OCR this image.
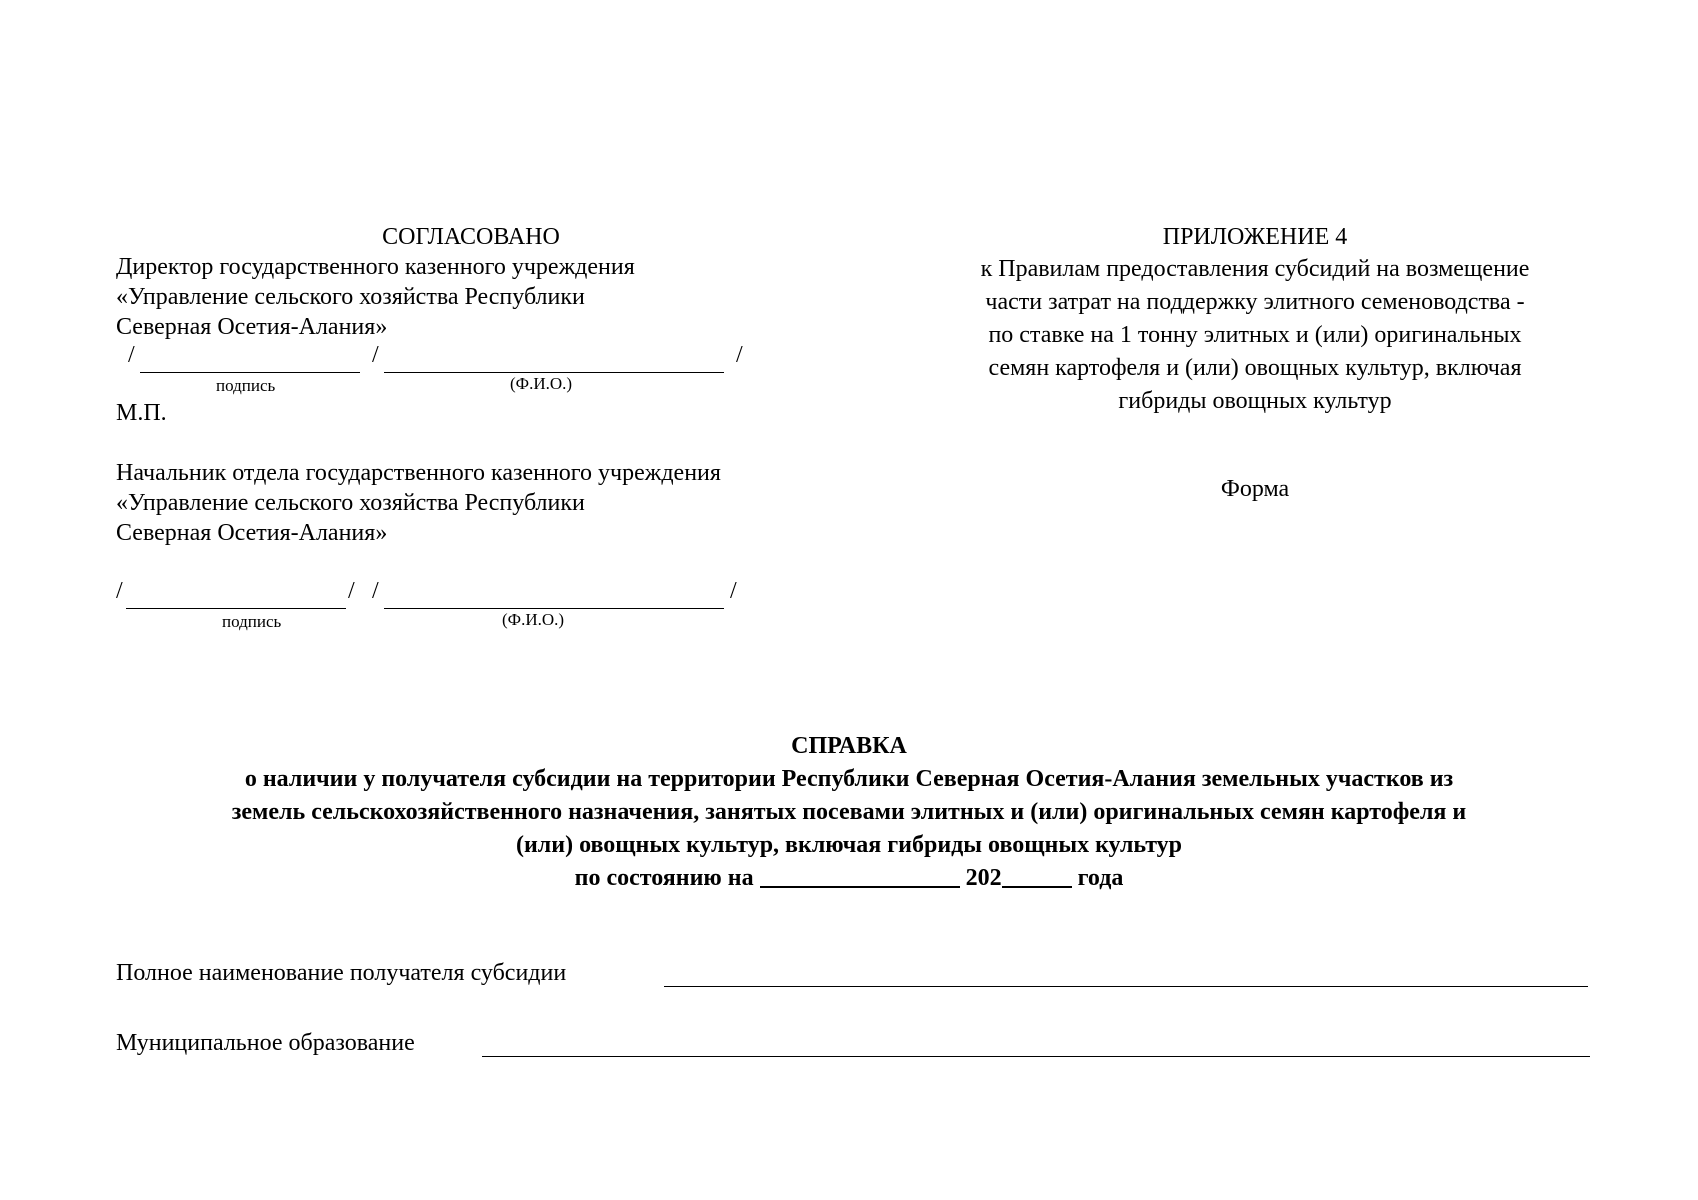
СОГЛАСОВАНО
Директор государственного казенного учреждения
«Управление сельского хозяйства Республики
Северная Осетия-Алания»
/	/	/
подпись	(Ф.И.О.)
М.П.
Начальник отдела государственного казенного учреждения
«Управление сельского хозяйства Республики
Северная Осетия-Алания»
/	/ /	/
подпись	(Ф.И.О.)
ПРИЛОЖЕНИЕ 4
к Правилам предоставления субсидий на возмещение
части затрат на поддержку элитного семеноводства -
по ставке на 1 тонну элитных и (или) оригинальных
семян картофеля и (или) овощных культур, включая
гибриды овощных культур
Форма
СПРАВКА
о наличии у получателя субсидии на территории Республики Северная Осетия-Алания земельных участков из
земель сельскохозяйственного назначения, занятых посевами элитных и (или) оригинальных семян картофеля и
(или) овощных культур, включая гибриды овощных культур
по состоянию на	202	года
Полное наименование получателя субсидии
Муниципальное образование
